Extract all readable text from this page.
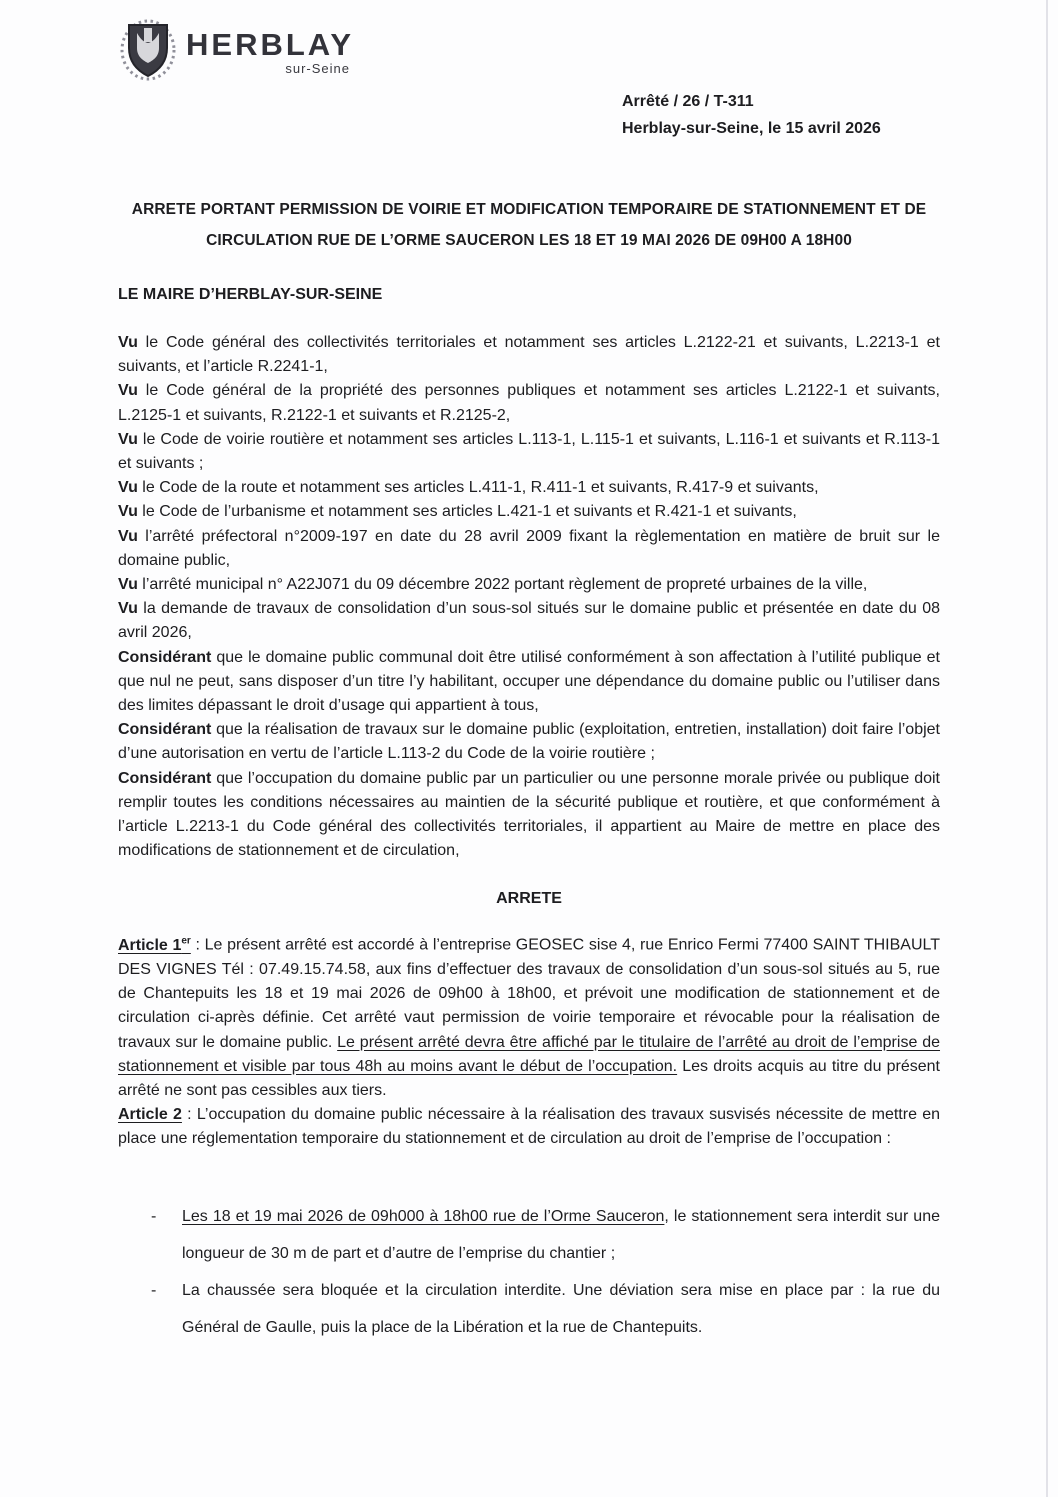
HERBLAY
sur-Seine
Arrêté / 26 / T-311
Herblay-sur-Seine, le 15 avril 2026
ARRETE PORTANT PERMISSION DE VOIRIE ET MODIFICATION TEMPORAIRE DE STATIONNEMENT ET DE CIRCULATION RUE DE L’ORME SAUCERON LES 18 ET 19 MAI 2026 DE 09H00 A 18H00

LE MAIRE D’HERBLAY-SUR-SEINE

Vu le Code général des collectivités territoriales et notamment ses articles L.2122-21 et suivants, L.2213-1 et suivants, et l’article R.2241-1,

Vu le Code général de la propriété des personnes publiques et notamment ses articles L.2122-1 et suivants, L.2125-1 et suivants, R.2122-1 et suivants et R.2125-2,

Vu le Code de voirie routière et notamment ses articles L.113-1, L.115-1 et suivants, L.116-1 et suivants et R.113-1 et suivants ;

Vu le Code de la route et notamment ses articles L.411-1, R.411-1 et suivants, R.417-9 et suivants,

Vu le Code de l’urbanisme et notamment ses articles L.421-1 et suivants et R.421-1 et suivants,

Vu l’arrêté préfectoral n°2009-197 en date du 28 avril 2009 fixant la règlementation en matière de bruit sur le domaine public,

Vu l’arrêté municipal n° A22J071 du 09 décembre 2022 portant règlement de propreté urbaines de la ville,

Vu la demande de travaux de consolidation d’un sous-sol situés sur le domaine public et présentée en date du 08 avril 2026,

Considérant que le domaine public communal doit être utilisé conformément à son affectation à l’utilité publique et que nul ne peut, sans disposer d’un titre l’y habilitant, occuper une dépendance du domaine public ou l’utiliser dans des limites dépassant le droit d’usage qui appartient à tous,

Considérant que la réalisation de travaux sur le domaine public (exploitation, entretien, installation) doit faire l’objet d’une autorisation en vertu de l’article L.113-2 du Code de la voirie routière ;

Considérant que l’occupation du domaine public par un particulier ou une personne morale privée ou publique doit remplir toutes les conditions nécessaires au maintien de la sécurité publique et routière, et que conformément à l’article L.2213-1 du Code général des collectivités territoriales, il appartient au Maire de mettre en place des modifications de stationnement et de circulation,

ARRETE

Article 1er : Le présent arrêté est accordé à l’entreprise GEOSEC sise 4, rue Enrico Fermi 77400 SAINT THIBAULT DES VIGNES Tél : 07.49.15.74.58, aux fins d’effectuer des travaux de consolidation d’un sous-sol situés au 5, rue de Chantepuits les 18 et 19 mai 2026 de 09h00 à 18h00, et prévoit une modification de stationnement et de circulation ci-après définie. Cet arrêté vaut permission de voirie temporaire et révocable pour la réalisation de travaux sur le domaine public. Le présent arrêté devra être affiché par le titulaire de l’arrêté au droit de l’emprise de stationnement et visible par tous 48h au moins avant le début de l’occupation. Les droits acquis au titre du présent arrêté ne sont pas cessibles aux tiers.

Article 2 : L’occupation du domaine public nécessaire à la réalisation des travaux susvisés nécessite de mettre en place une réglementation temporaire du stationnement et de circulation au droit de l’emprise de l’occupation :

- Les 18 et 19 mai 2026 de 09h000 à 18h00 rue de l’Orme Sauceron, le stationnement sera interdit sur une longueur de 30 m de part et d’autre de l’emprise du chantier ;
- La chaussée sera bloquée et la circulation interdite. Une déviation sera mise en place par : la rue du Général de Gaulle, puis la place de la Libération et la rue de Chantepuits.
